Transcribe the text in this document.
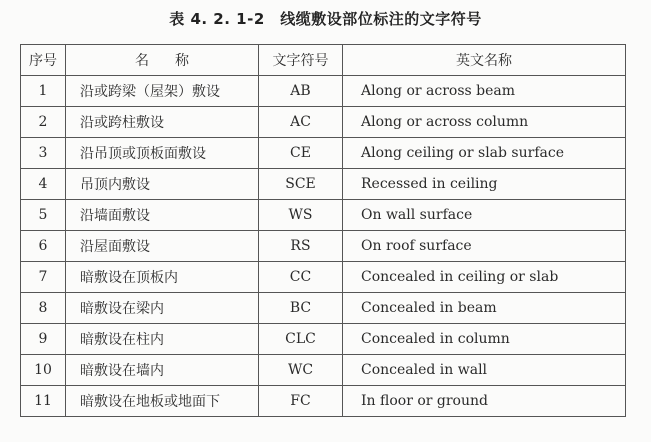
表 4. 2. 1-2　线缆敷设部位标注的文字符号
序号	名称	文字符号	英文名称
1	沿或跨梁（屋架）敷设	AB	Along or across beam
2	沿或跨柱敷设	AC	Along or across column
3	沿吊顶或顶板面敷设	CE	Along ceiling or slab surface
4	吊顶内敷设	SCE	Recessed in ceiling
5	沿墙面敷设	WS	On wall surface
6	沿屋面敷设	RS	On roof surface
7	暗敷设在顶板内	CC	Concealed in ceiling or slab
8	暗敷设在梁内	BC	Concealed in beam
9	暗敷设在柱内	CLC	Concealed in column
10	暗敷设在墙内	WC	Concealed in wall
11	暗敷设在地板或地面下	FC	In floor or ground
